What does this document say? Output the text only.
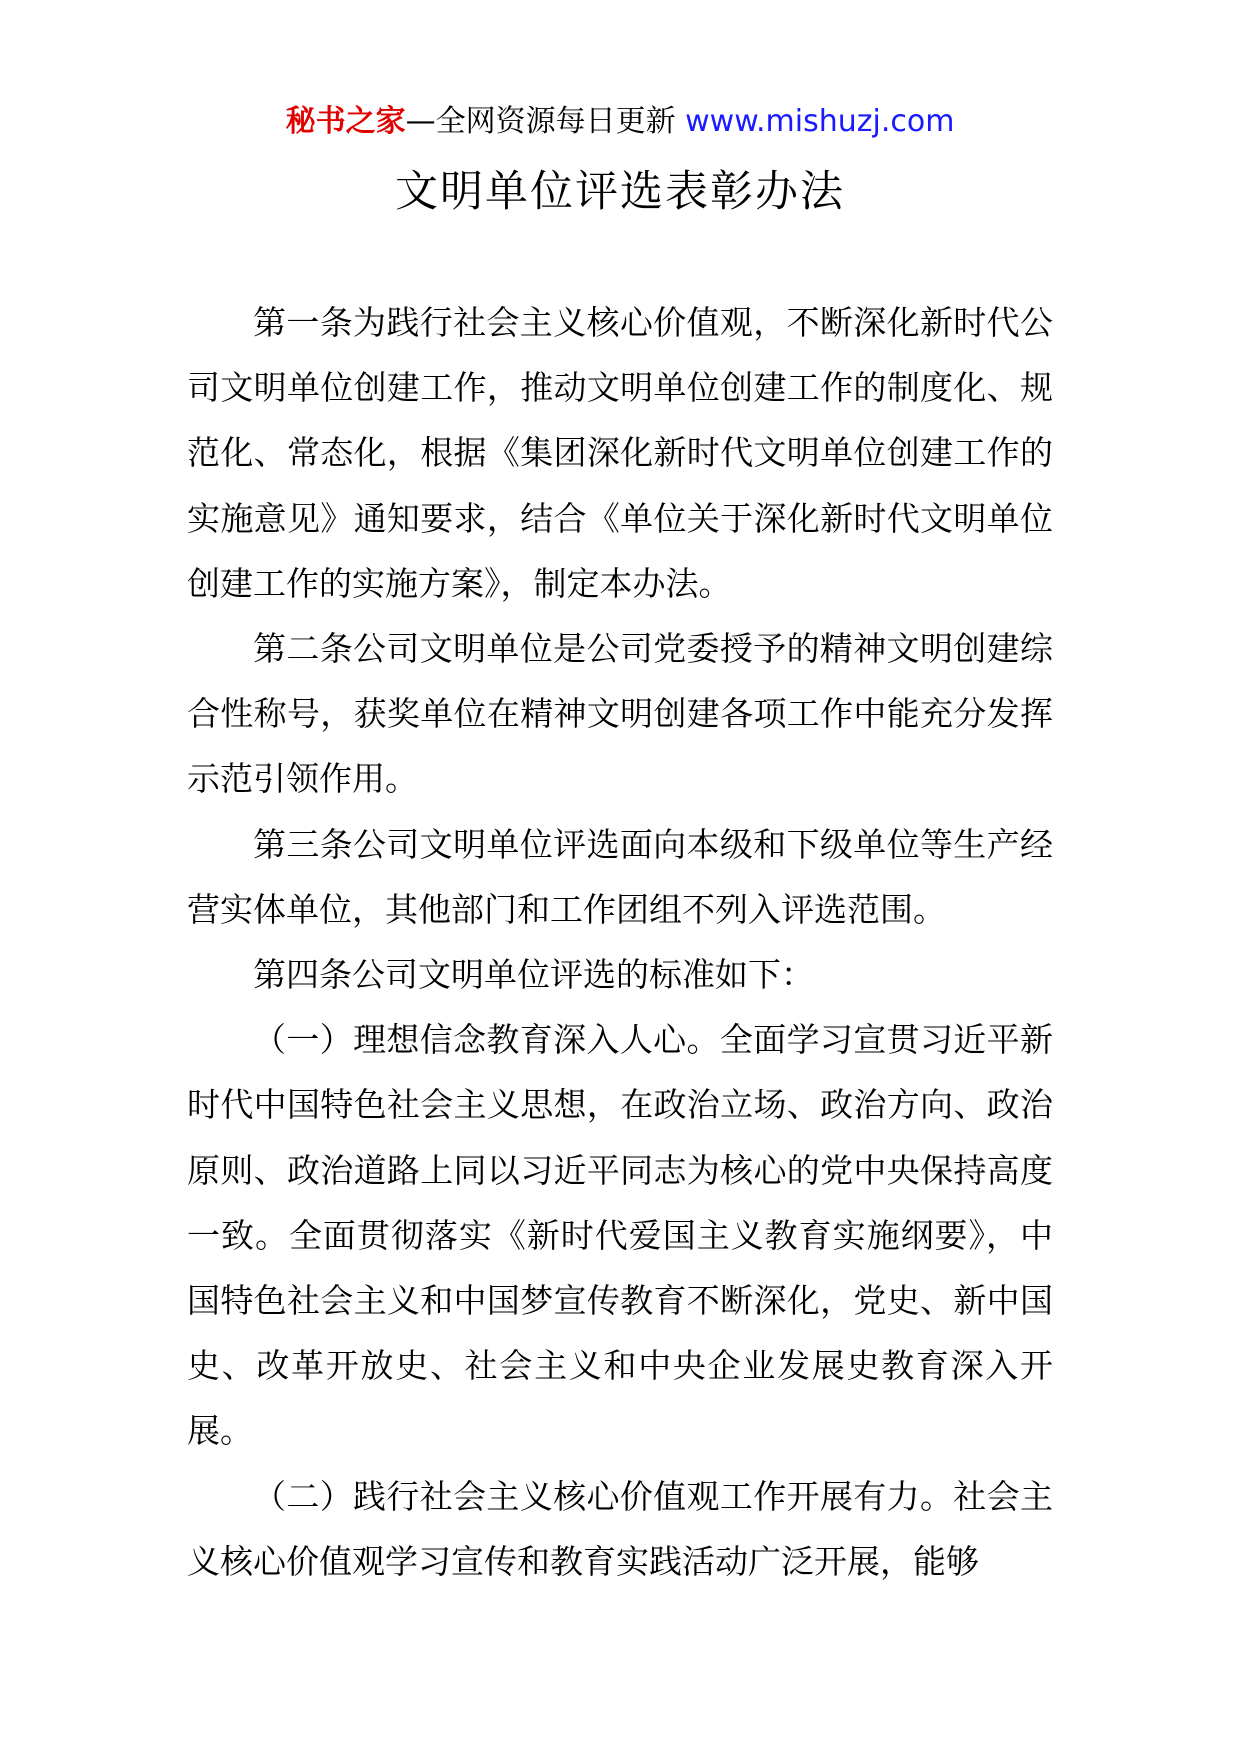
秘书之家—全网资源每日更新 www.mishuzj.com
文明单位评选表彰办法

第一条为践行社会主义核心价值观，不断深化新时代公司文明单位创建工作，推动文明单位创建工作的制度化、规范化、常态化，根据《集团深化新时代文明单位创建工作的实施意见》通知要求，结合《单位关于深化新时代文明单位创建工作的实施方案》，制定本办法。

第二条公司文明单位是公司党委授予的精神文明创建综合性称号，获奖单位在精神文明创建各项工作中能充分发挥示范引领作用。

第三条公司文明单位评选面向本级和下级单位等生产经营实体单位，其他部门和工作团组不列入评选范围。

第四条公司文明单位评选的标准如下：

（一）理想信念教育深入人心。全面学习宣贯习近平新时代中国特色社会主义思想，在政治立场、政治方向、政治原则、政治道路上同以习近平同志为核心的党中央保持高度一致。全面贯彻落实《新时代爱国主义教育实施纲要》，中国特色社会主义和中国梦宣传教育不断深化，党史、新中国史、改革开放史、社会主义和中央企业发展史教育深入开展。

（二）践行社会主义核心价值观工作开展有力。社会主义核心价值观学习宣传和教育实践活动广泛开展，能够
